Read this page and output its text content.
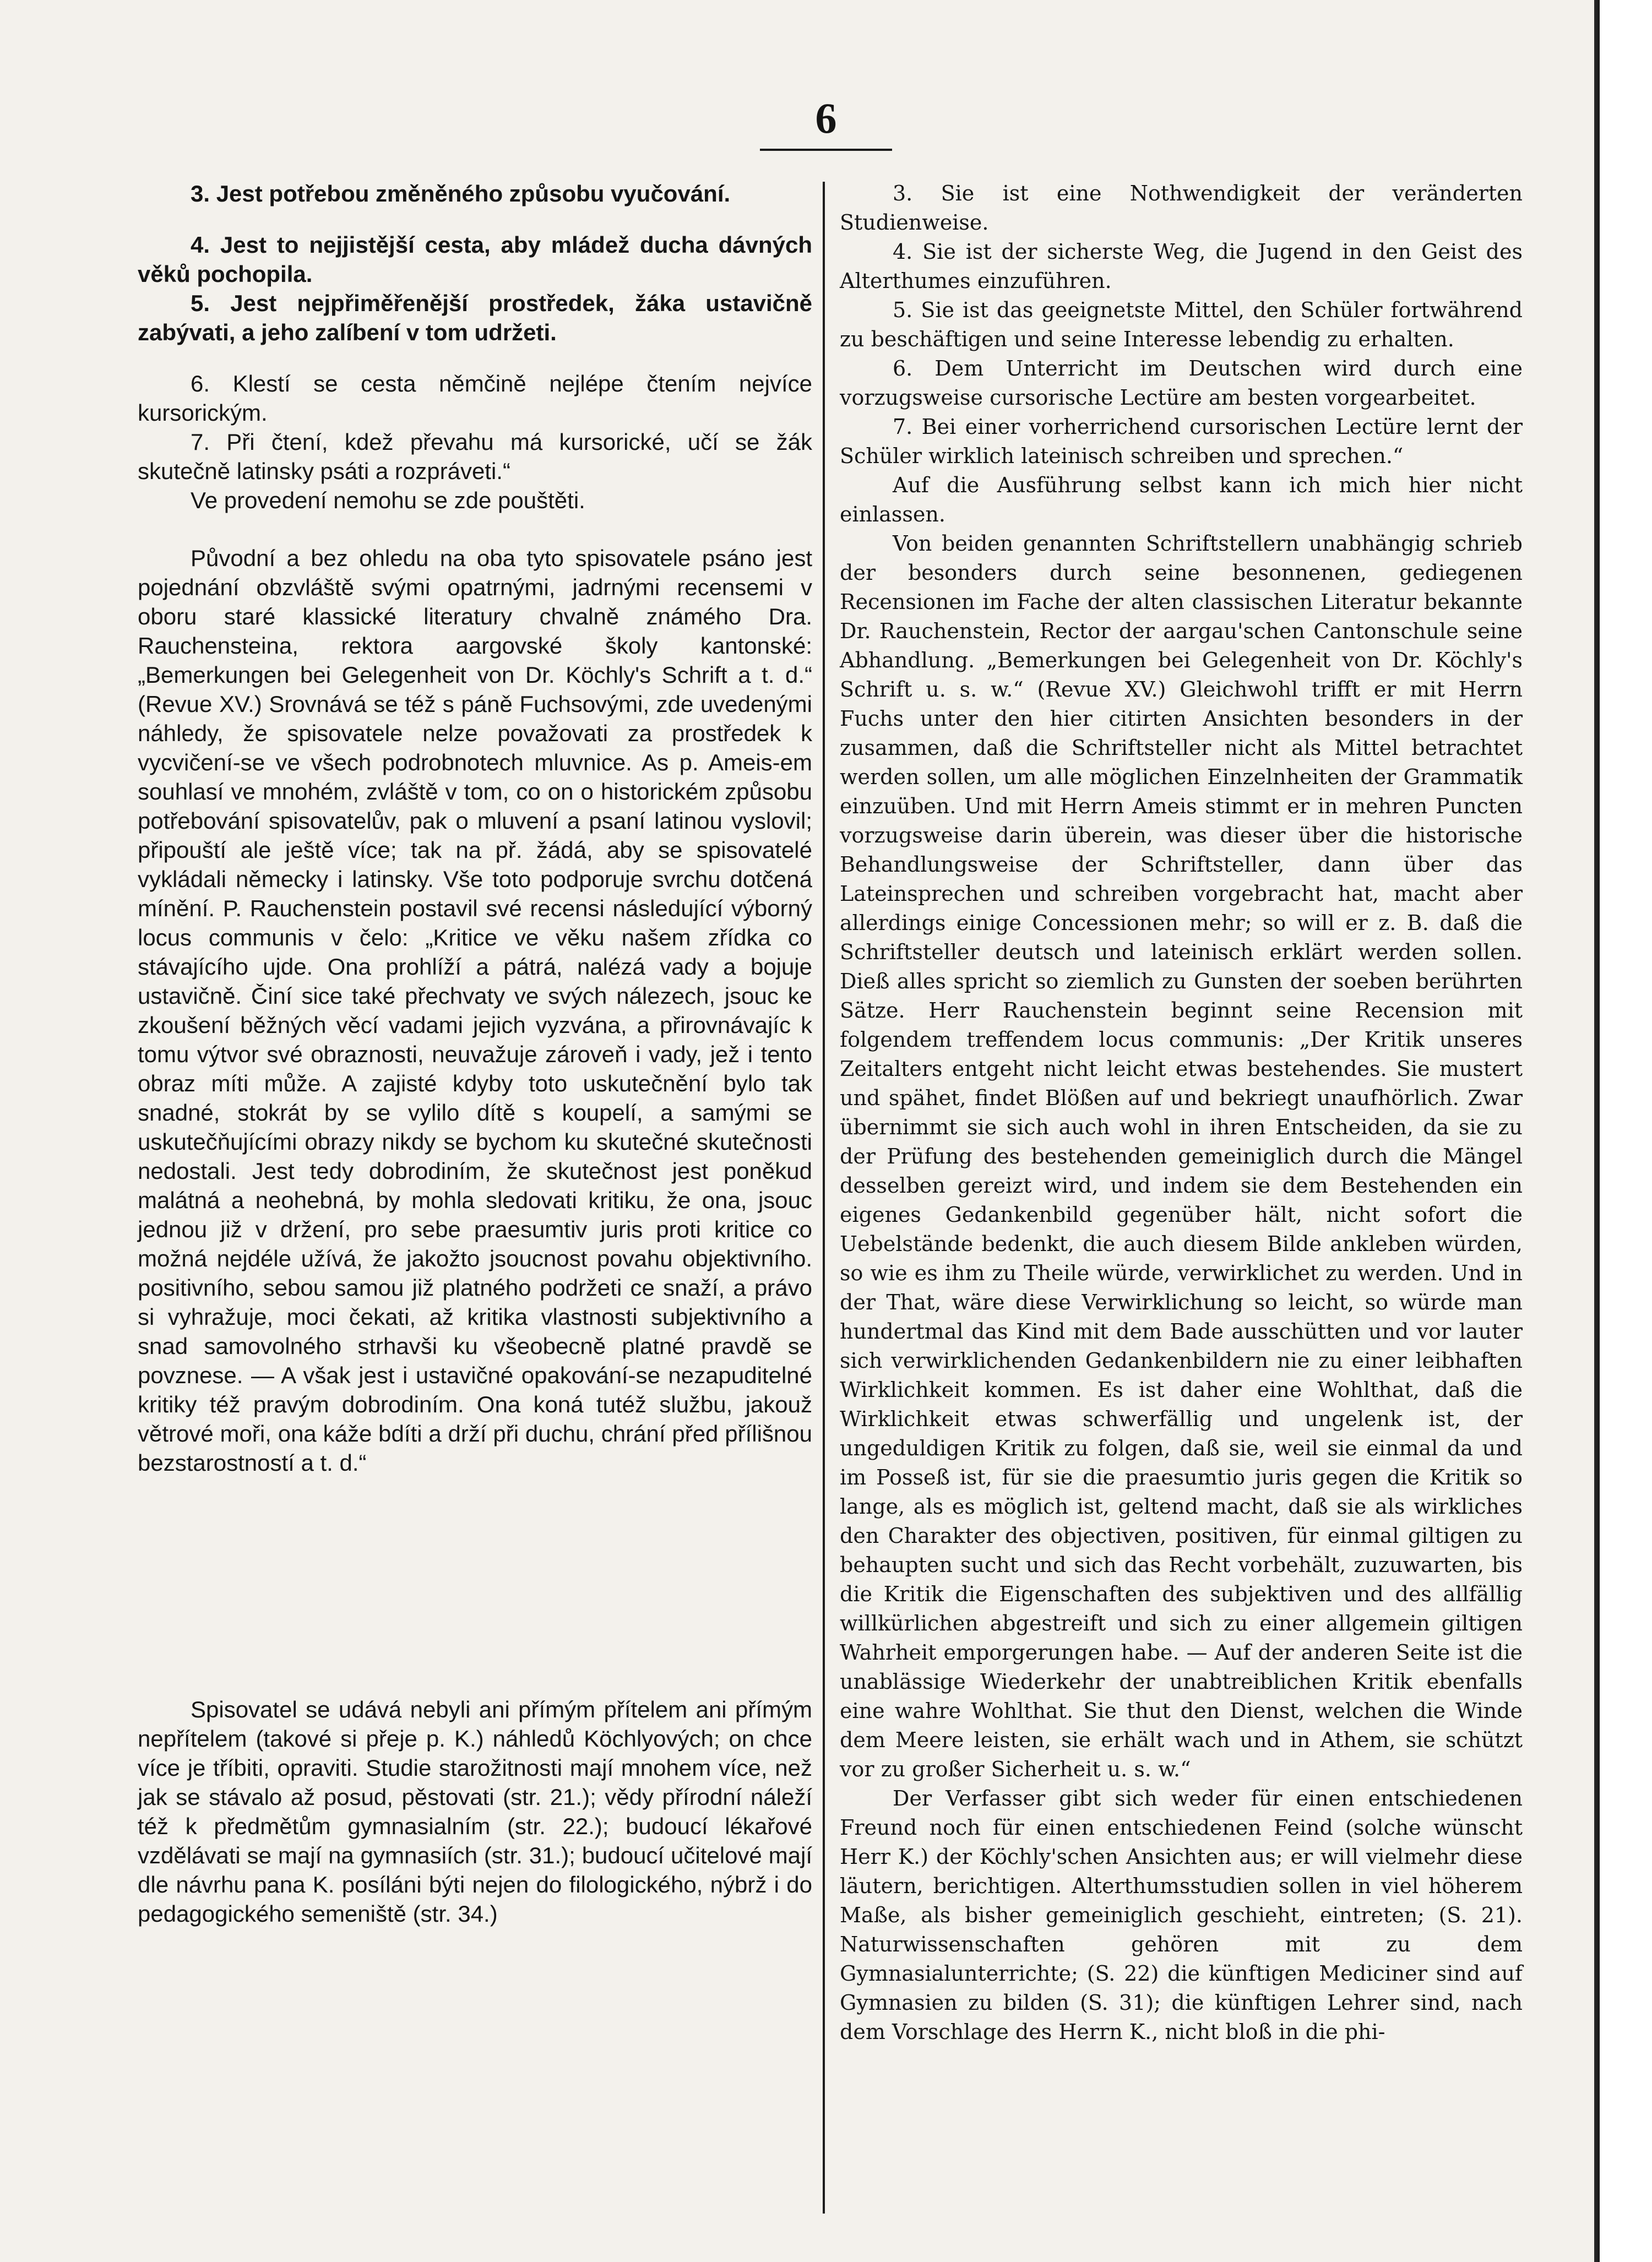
6

3. Jest potřebou změněného způsobu vyučování.

4. Jest to nejjistější cesta, aby mládež ducha dávných věků pochopila.

5. Jest nejpřiměřenější prostředek, žáka ustavičně zabývati, a jeho zalíbení v tom udržeti.

6. Klestí se cesta němčině nejlépe čtením nejvíce kursorickým.

7. Při čtení, kdež převahu má kursorické, učí se žák skutečně latinsky psáti a rozpráveti.“

Ve provedení nemohu se zde pouštěti.

Původní a bez ohledu na oba tyto spisovatele psáno jest pojednání obzvláště svými opatrnými, jadrnými recensemi v oboru staré klassické literatury chvalně známého Dra. Rauchensteina, rektora aargovské školy kantonské: „Bemerkungen bei Gelegenheit von Dr. Köchly's Schrift a t. d.“ (Revue XV.) Srovnává se též s páně Fuchsovými, zde uvedenými náhledy, že spisovatele nelze považovati za prostředek k vycvičení-se ve všech podrobnotech mluvnice. As p. Ameis-em souhlasí ve mnohém, zvláště v tom, co on o historickém způsobu potřebování spisovatelův, pak o mluvení a psaní latinou vyslovil; připouští ale ještě více; tak na př. žádá, aby se spisovatelé vykládali německy i latinsky. Vše toto podporuje svrchu dotčená mínění. P. Rauchenstein postavil své recensi následující výborný locus communis v čelo: „Kritice ve věku našem zřídka co stávajícího ujde. Ona prohlíží a pátrá, nalézá vady a bojuje ustavičně. Činí sice také přechvaty ve svých nálezech, jsouc ke zkoušení běžných věcí vadami jejich vyzvána, a přirovnávajíc k tomu výtvor své obraznosti, neuvažuje zároveň i vady, jež i tento obraz míti může. A zajisté kdyby toto uskutečnění bylo tak snadné, stokrát by se vylilo dítě s koupelí, a samými se uskutečňujícími obrazy nikdy se bychom ku skutečné skutečnosti nedostali. Jest tedy dobrodiním, že skutečnost jest poněkud malátná a neohebná, by mohla sledovati kritiku, že ona, jsouc jednou již v držení, pro sebe praesumtiv juris proti kritice co možná nejdéle užívá, že jakožto jsoucnost povahu objektivního. positivního, sebou samou již platného podržeti ce snaží, a právo si vyhražuje, moci čekati, až kritika vlastnosti subjektivního a snad samovolného strhavši ku všeobecně platné pravdě se povznese. — A však jest i ustavičné opakování-se nezapuditelné kritiky též pravým dobrodiním. Ona koná tutéž službu, jakouž větrové moři, ona káže bdíti a drží při duchu, chrání před přílišnou bezstarostností a t. d.“

Spisovatel se udává nebyli ani přímým přítelem ani přímým nepřítelem (takové si přeje p. K.) náhledů Köchlyových; on chce více je tříbiti, opraviti. Studie starožitnosti mají mnohem více, než jak se stávalo až posud, pěstovati (str. 21.); vědy přírodní náleží též k předmětům gymnasialním (str. 22.); budoucí lékařové vzdělávati se mají na gymnasiích (str. 31.); budoucí učitelové mají dle návrhu pana K. posíláni býti nejen do filologického, nýbrž i do pedagogického semeniště (str. 34.)

3. Sie ist eine Nothwendigkeit der veränderten Studienweise.

4. Sie ist der sicherste Weg, die Jugend in den Geist des Alterthumes einzuführen.

5. Sie ist das geeignetste Mittel, den Schüler fortwährend zu beschäftigen und seine Interesse lebendig zu erhalten.

6. Dem Unterricht im Deutschen wird durch eine vorzugsweise cursorische Lectüre am besten vorgearbeitet.

7. Bei einer vorherrichend cursorischen Lectüre lernt der Schüler wirklich lateinisch schreiben und sprechen.“

Auf die Ausführung selbst kann ich mich hier nicht einlassen.

Von beiden genannten Schriftstellern unabhängig schrieb der besonders durch seine besonnenen, gediegenen Recensionen im Fache der alten classischen Literatur bekannte Dr. Rauchenstein, Rector der aargau'schen Cantonschule seine Abhandlung. „Bemerkungen bei Gelegenheit von Dr. Köchly's Schrift u. s. w.“ (Revue XV.) Gleichwohl trifft er mit Herrn Fuchs unter den hier citirten Ansichten besonders in der zusammen, daß die Schriftsteller nicht als Mittel betrachtet werden sollen, um alle möglichen Einzelnheiten der Grammatik einzuüben. Und mit Herrn Ameis stimmt er in mehren Puncten vorzugsweise darin überein, was dieser über die historische Behandlungsweise der Schriftsteller, dann über das Lateinsprechen und schreiben vorgebracht hat, macht aber allerdings einige Concessionen mehr; so will er z. B. daß die Schriftsteller deutsch und lateinisch erklärt werden sollen. Dieß alles spricht so ziemlich zu Gunsten der soeben berührten Sätze. Herr Rauchenstein beginnt seine Recension mit folgendem treffendem locus communis: „Der Kritik unseres Zeitalters entgeht nicht leicht etwas bestehendes. Sie mustert und spähet, findet Blößen auf und bekriegt unaufhörlich. Zwar übernimmt sie sich auch wohl in ihren Entscheiden, da sie zu der Prüfung des bestehenden gemeiniglich durch die Mängel desselben gereizt wird, und indem sie dem Bestehenden ein eigenes Gedankenbild gegenüber hält, nicht sofort die Uebelstände bedenkt, die auch diesem Bilde ankleben würden, so wie es ihm zu Theile würde, verwirklichet zu werden. Und in der That, wäre diese Verwirklichung so leicht, so würde man hundertmal das Kind mit dem Bade ausschütten und vor lauter sich verwirklichenden Gedankenbildern nie zu einer leibhaften Wirklichkeit kommen. Es ist daher eine Wohlthat, daß die Wirklichkeit etwas schwerfällig und ungelenk ist, der ungeduldigen Kritik zu folgen, daß sie, weil sie einmal da und im Posseß ist, für sie die praesumtio juris gegen die Kritik so lange, als es möglich ist, geltend macht, daß sie als wirkliches den Charakter des objectiven, positiven, für einmal giltigen zu behaupten sucht und sich das Recht vorbehält, zuzuwarten, bis die Kritik die Eigenschaften des subjektiven und des allfällig willkürlichen abgestreift und sich zu einer allgemein giltigen Wahrheit emporgerungen habe. — Auf der anderen Seite ist die unablässige Wiederkehr der unabtreiblichen Kritik ebenfalls eine wahre Wohlthat. Sie thut den Dienst, welchen die Winde dem Meere leisten, sie erhält wach und in Athem, sie schützt vor zu großer Sicherheit u. s. w.“

Der Verfasser gibt sich weder für einen entschiedenen Freund noch für einen entschiedenen Feind (solche wünscht Herr K.) der Köchly'schen Ansichten aus; er will vielmehr diese läutern, berichtigen. Alterthumsstudien sollen in viel höherem Maße, als bisher gemeiniglich geschieht, eintreten; (S. 21). Naturwissenschaften gehören mit zu dem Gymnasialunterrichte; (S. 22) die künftigen Mediciner sind auf Gymnasien zu bilden (S. 31); die künftigen Lehrer sind, nach dem Vorschlage des Herrn K., nicht bloß in die phi-
